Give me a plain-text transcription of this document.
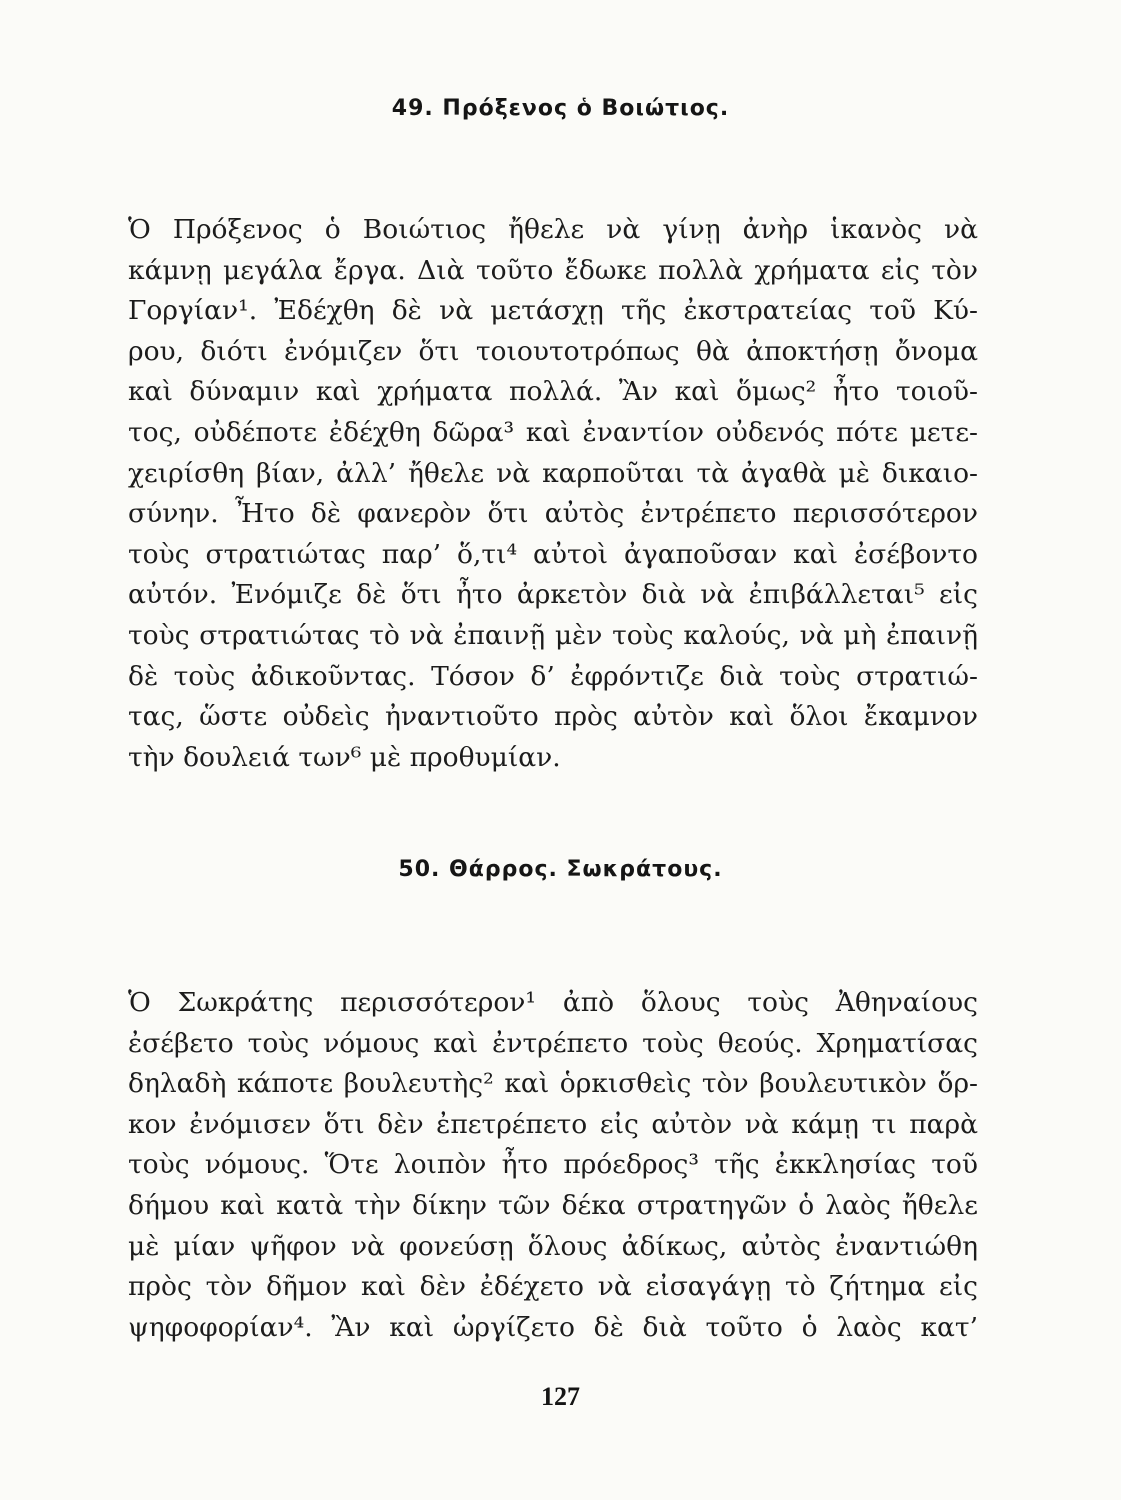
49. Πρόξενος ὁ Βοιώτιος.
Ὁ Πρόξενος ὁ Βοιώτιος ἤθελε νὰ γίνῃ ἀνὴρ ἱκανὸς νὰ
κάμνῃ μεγάλα ἔργα. Διὰ τοῦτο ἔδωκε πολλὰ χρήματα εἰς τὸν
Γοργίαν¹. Ἐδέχθη δὲ νὰ μετάσχῃ τῆς ἐκστρατείας τοῦ Κύ-
ρου, διότι ἐνόμιζεν ὅτι τοιουτοτρόπως θὰ ἀποκτήσῃ ὄνομα
καὶ δύναμιν καὶ χρήματα πολλά. Ἂν καὶ ὅμως² ἦτο τοιοῦ-
τος, οὐδέποτε ἐδέχθη δῶρα³ καὶ ἐναντίον οὐδενός πότε μετε-
χειρίσθη βίαν, ἀλλ’ ἤθελε νὰ καρποῦται τὰ ἀγαθὰ μὲ δικαιο-
σύνην. Ἦτο δὲ φανερὸν ὅτι αὐτὸς ἐντρέπετο περισσότερον
τοὺς στρατιώτας παρ’ ὅ,τι⁴ αὐτοὶ ἀγαποῦσαν καὶ ἐσέβοντο
αὐτόν. Ἐνόμιζε δὲ ὅτι ἦτο ἀρκετὸν διὰ νὰ ἐπιβάλλεται⁵ εἰς
τοὺς στρατιώτας τὸ νὰ ἐπαινῇ μὲν τοὺς καλούς, νὰ μὴ ἐπαινῇ
δὲ τοὺς ἀδικοῦντας. Τόσον δ’ ἐφρόντιζε διὰ τοὺς στρατιώ-
τας, ὥστε οὐδεὶς ἠναντιοῦτο πρὸς αὐτὸν καὶ ὅλοι ἔκαμνον
τὴν δουλειά των⁶ μὲ προθυμίαν.
50. Θάρρος. Σωκράτους.
Ὁ Σωκράτης περισσότερον¹ ἀπὸ ὅλους τοὺς Ἀθηναίους
ἐσέβετο τοὺς νόμους καὶ ἐντρέπετο τοὺς θεούς. Χρηματίσας
δηλαδὴ κάποτε βουλευτὴς² καὶ ὁρκισθεὶς τὸν βουλευτικὸν ὅρ-
κον ἐνόμισεν ὅτι δὲν ἐπετρέπετο εἰς αὐτὸν νὰ κάμῃ τι παρὰ
τοὺς νόμους. Ὅτε λοιπὸν ἦτο πρόεδρος³ τῆς ἐκκλησίας τοῦ
δήμου καὶ κατὰ τὴν δίκην τῶν δέκα στρατηγῶν ὁ λαὸς ἤθελε
μὲ μίαν ψῆφον νὰ φονεύσῃ ὅλους ἀδίκως, αὐτὸς ἐναντιώθη
πρὸς τὸν δῆμον καὶ δὲν ἐδέχετο νὰ εἰσαγάγῃ τὸ ζήτημα εἰς
ψηφοφορίαν⁴. Ἂν καὶ ὠργίζετο δὲ διὰ τοῦτο ὁ λαὸς κατ’
127
